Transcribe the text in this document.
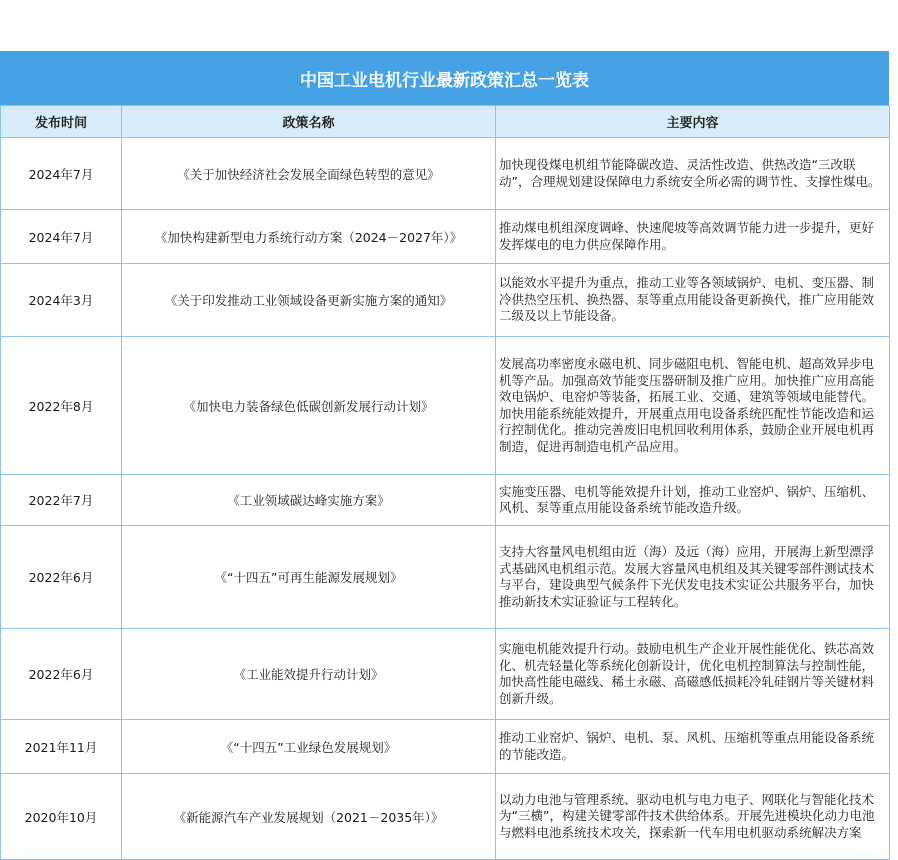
中国工业电机行业最新政策汇总一览表
发布时间	政策名称	主要内容
2024年7月	《关于加快经济社会发展全面绿色转型的意见》	加快现役煤电机组节能降碳改造、灵活性改造、供热改造“三改联动”，合理规划建设保障电力系统安全所必需的调节性、支撑性煤电。
2024年7月	《加快构建新型电力系统行动方案（2024－2027年）》	推动煤电机组深度调峰、快速爬坡等高效调节能力进一步提升，更好发挥煤电的电力供应保障作用。
2024年3月	《关于印发推动工业领域设备更新实施方案的通知》	以能效水平提升为重点，推动工业等各领域锅炉、电机、变压器、制冷供热空压机、换热器、泵等重点用能设备更新换代，推广应用能效二级及以上节能设备。
2022年8月	《加快电力装备绿色低碳创新发展行动计划》	发展高功率密度永磁电机、同步磁阻电机、智能电机、超高效异步电机等产品。加强高效节能变压器研制及推广应用。加快推广应用高能效电锅炉、电窑炉等装备，拓展工业、交通、建筑等领域电能替代。加快用能系统能效提升，开展重点用电设备系统匹配性节能改造和运行控制优化。推动完善废旧电机回收利用体系，鼓励企业开展电机再制造，促进再制造电机产品应用。
2022年7月	《工业领域碳达峰实施方案》	实施变压器、电机等能效提升计划，推动工业窑炉、锅炉、压缩机、风机、泵等重点用能设备系统节能改造升级。
2022年6月	《“十四五”可再生能源发展规划》	支持大容量风电机组由近（海）及远（海）应用，开展海上新型漂浮式基础风电机组示范。发展大容量风电机组及其关键零部件测试技术与平台，建设典型气候条件下光伏发电技术实证公共服务平台，加快推动新技术实证验证与工程转化。
2022年6月	《工业能效提升行动计划》	实施电机能效提升行动。鼓励电机生产企业开展性能优化、铁芯高效化、机壳轻量化等系统化创新设计，优化电机控制算法与控制性能，加快高性能电磁线、稀土永磁、高磁感低损耗冷轧硅钢片等关键材料创新升级。
2021年11月	《“十四五”工业绿色发展规划》	推动工业窑炉、锅炉、电机、泵、风机、压缩机等重点用能设备系统的节能改造。
2020年10月	《新能源汽车产业发展规划（2021－2035年）》	以动力电池与管理系统、驱动电机与电力电子、网联化与智能化技术为“三横”，构建关键零部件技术供给体系。开展先进模块化动力电池与燃料电池系统技术攻关，探索新一代车用电机驱动系统解决方案
